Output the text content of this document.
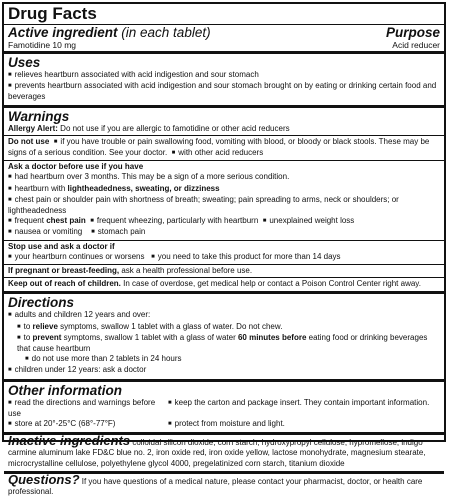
Drug Facts
Active ingredient (in each tablet)	Purpose
Famotidine 10 mg	Acid reducer
Uses
■ relieves heartburn associated with acid indigestion and sour stomach
■ prevents heartburn associated with acid indigestion and sour stomach brought on by eating or drinking certain food and beverages
Warnings
Allergy Alert: Do not use if you are allergic to famotidine or other acid reducers
Do not use ■ if you have trouble or pain swallowing food, vomiting with blood, or bloody or black stools. These may be signs of a serious condition. See your doctor. ■ with other acid reducers
Ask a doctor before use if you have
■ had heartburn over 3 months. This may be a sign of a more serious condition.
■ heartburn with lightheadedness, sweating, or dizziness
■ chest pain or shoulder pain with shortness of breath; sweating; pain spreading to arms, neck or shoulders; or lightheadedness
■ frequent chest pain ■ frequent wheezing, particularly with heartburn ■ unexplained weight loss
■ nausea or vomiting ■ stomach pain
Stop use and ask a doctor if
■ your heartburn continues or worsens ■ you need to take this product for more than 14 days
If pregnant or breast-feeding, ask a health professional before use.
Keep out of reach of children. In case of overdose, get medical help or contact a Poison Control Center right away.
Directions
■ adults and children 12 years and over:
■ to relieve symptoms, swallow 1 tablet with a glass of water. Do not chew.
■ to prevent symptoms, swallow 1 tablet with a glass of water 60 minutes before eating food or drinking beverages that cause heartburn
■ do not use more than 2 tablets in 24 hours
■ children under 12 years: ask a doctor
Other information
■ read the directions and warnings before use
■ keep the carton and package insert. They contain important information.
■ store at 20°-25°C (68°-77°F)	■ protect from moisture and light.
Inactive ingredients colloidal silicon dioxide, corn starch, hydroxypropyl cellulose, hypromellose, indigo carmine aluminum lake FD&C blue no. 2, iron oxide red, iron oxide yellow, lactose monohydrate, magnesium stearate, microcrystalline cellulose, polyethylene glycol 4000, pregelatinized corn starch, titanium dioxide
Questions? If you have questions of a medical nature, please contact your pharmacist, doctor, or health care professional.
